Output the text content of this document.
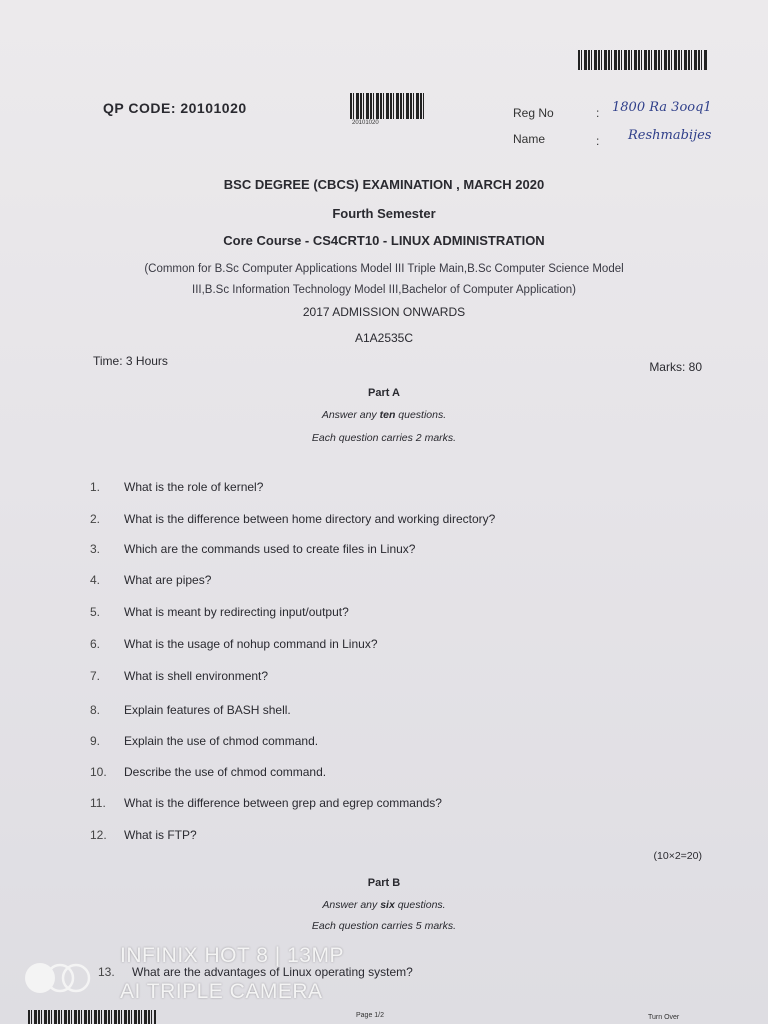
QP CODE: 20101020
20101020
Reg No	: 1800 Ra 3ooq1
Name	: Reshmabijes
BSC DEGREE (CBCS) EXAMINATION , MARCH 2020
Fourth Semester
Core Course - CS4CRT10 - LINUX ADMINISTRATION
(Common for B.Sc Computer Applications Model III Triple Main,B.Sc Computer Science Model
III,B.Sc Information Technology Model III,Bachelor of Computer Application)
2017 ADMISSION ONWARDS
A1A2535C
Time: 3 Hours	Marks: 80
Part A
Answer any ten questions.
Each question carries 2 marks.
1. What is the role of kernel?
2. What is the difference between home directory and working directory?
3. Which are the commands used to create files in Linux?
4. What are pipes?
5. What is meant by redirecting input/output?
6. What is the usage of nohup command in Linux?
7. What is shell environment?
8. Explain features of BASH shell.
9. Explain the use of chmod command.
10. Describe the use of chmod command.
11. What is the difference between grep and egrep commands?
12. What is FTP?
(10×2=20)
Part B
Answer any six questions.
Each question carries 5 marks.
13. What are the advantages of Linux operating system?
Page 1/2	Turn Over
INFINIX HOT 8 | 13MP
AI TRIPLE CAMERA
